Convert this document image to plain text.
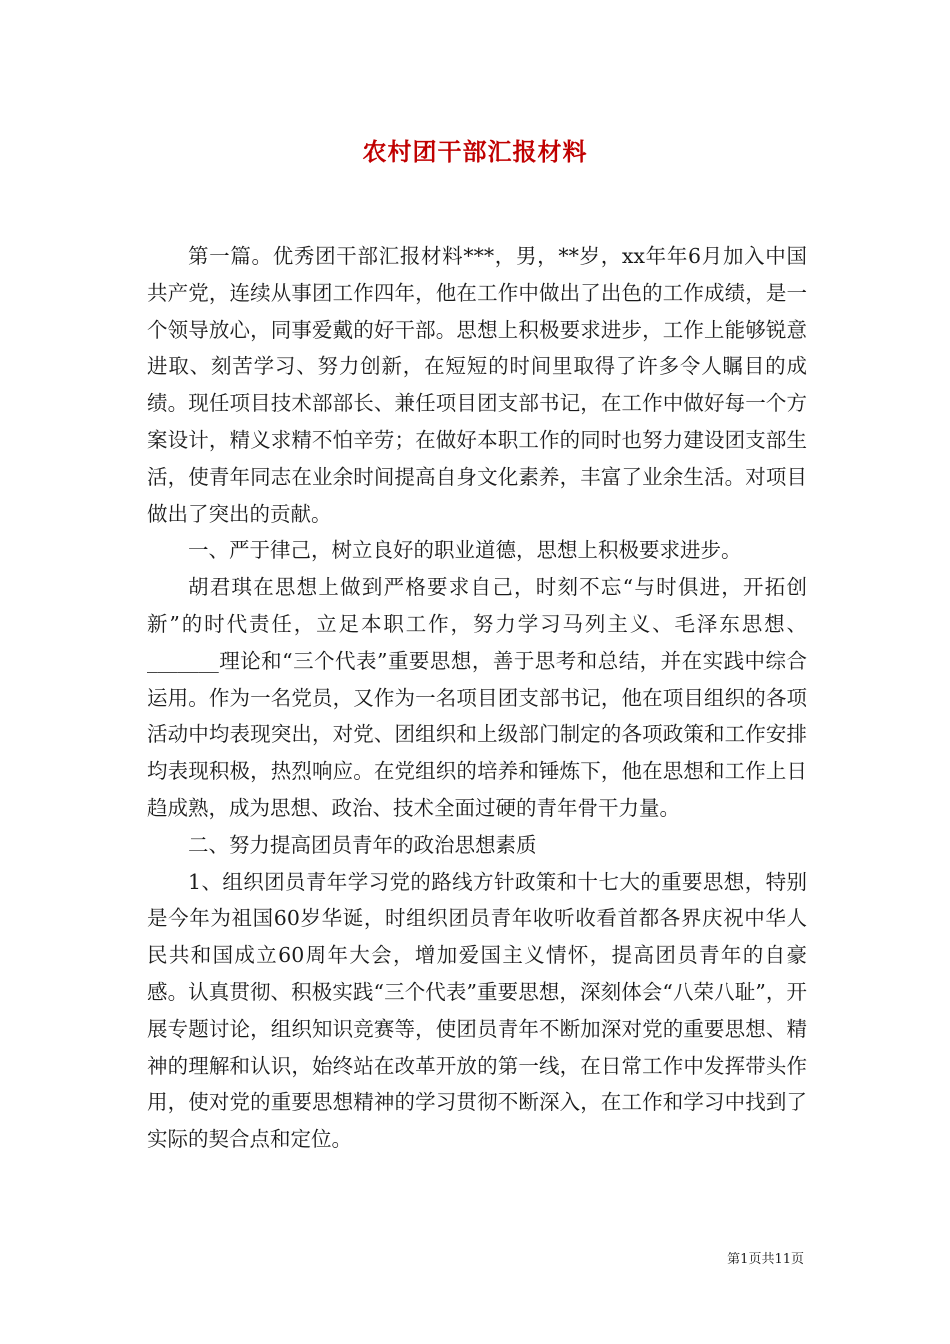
农村团干部汇报材料

第一篇。优秀团干部汇报材料***，男，**岁，xx年年6月加入中国共产党，连续从事团工作四年，他在工作中做出了出色的工作成绩，是一个领导放心，同事爱戴的好干部。思想上积极要求进步，工作上能够锐意进取、刻苦学习、努力创新，在短短的时间里取得了许多令人瞩目的成绩。现任项目技术部部长、兼任项目团支部书记，在工作中做好每一个方案设计，精义求精不怕辛劳；在做好本职工作的同时也努力建设团支部生活，使青年同志在业余时间提高自身文化素养，丰富了业余生活。对项目做出了突出的贡献。

一、严于律己，树立良好的职业道德，思想上积极要求进步。

胡君琪在思想上做到严格要求自己，时刻不忘“与时俱进，开拓创新”的时代责任，立足本职工作，努力学习马列主义、毛泽东思想、_______理论和“三个代表”重要思想，善于思考和总结，并在实践中综合运用。作为一名党员，又作为一名项目团支部书记，他在项目组织的各项活动中均表现突出，对党、团组织和上级部门制定的各项政策和工作安排均表现积极，热烈响应。在党组织的培养和锤炼下，他在思想和工作上日趋成熟，成为思想、政治、技术全面过硬的青年骨干力量。

二、努力提高团员青年的政治思想素质

1、组织团员青年学习党的路线方针政策和十七大的重要思想，特别是今年为祖国60岁华诞，时组织团员青年收听收看首都各界庆祝中华人民共和国成立60周年大会，增加爱国主义情怀，提高团员青年的自豪感。认真贯彻、积极实践“三个代表”重要思想，深刻体会“八荣八耻”，开展专题讨论，组织知识竞赛等，使团员青年不断加深对党的重要思想、精神的理解和认识，始终站在改革开放的第一线，在日常工作中发挥带头作用，使对党的重要思想精神的学习贯彻不断深入，在工作和学习中找到了实际的契合点和定位。

第1页共11页
